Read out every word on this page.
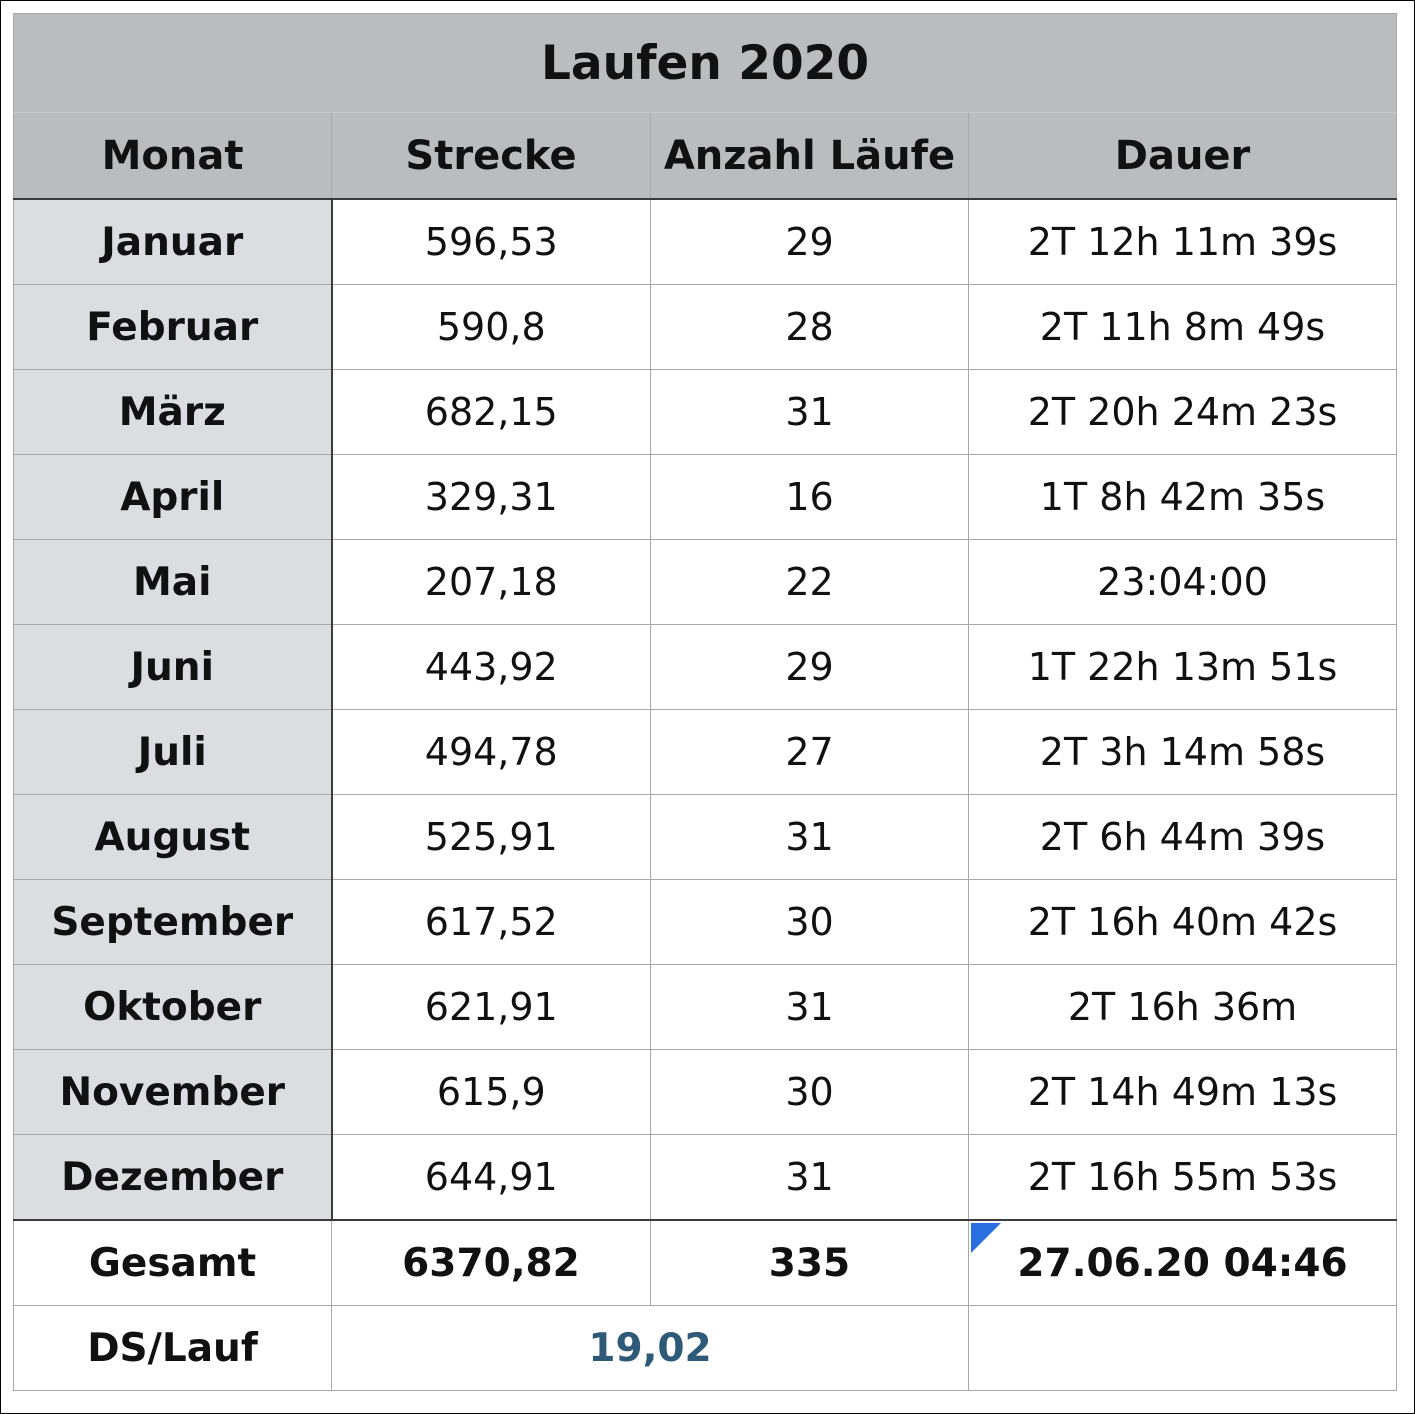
Laufen 2020			
Monat	Strecke	Anzahl Läufe	Dauer
Januar	596,53	29	2T 12h 11m 39s
Februar	590,8	28	2T 11h 8m 49s
März	682,15	31	2T 20h 24m 23s
April	329,31	16	1T 8h 42m 35s
Mai	207,18	22	23:04:00
Juni	443,92	29	1T 22h 13m 51s
Juli	494,78	27	2T 3h 14m 58s
August	525,91	31	2T 6h 44m 39s
September	617,52	30	2T 16h 40m 42s
Oktober	621,91	31	2T 16h 36m
November	615,9	30	2T 14h 49m 13s
Dezember	644,91	31	2T 16h 55m 53s
Gesamt	6370,82	335	27.06.20 04:46
DS/Lauf	19,02		
